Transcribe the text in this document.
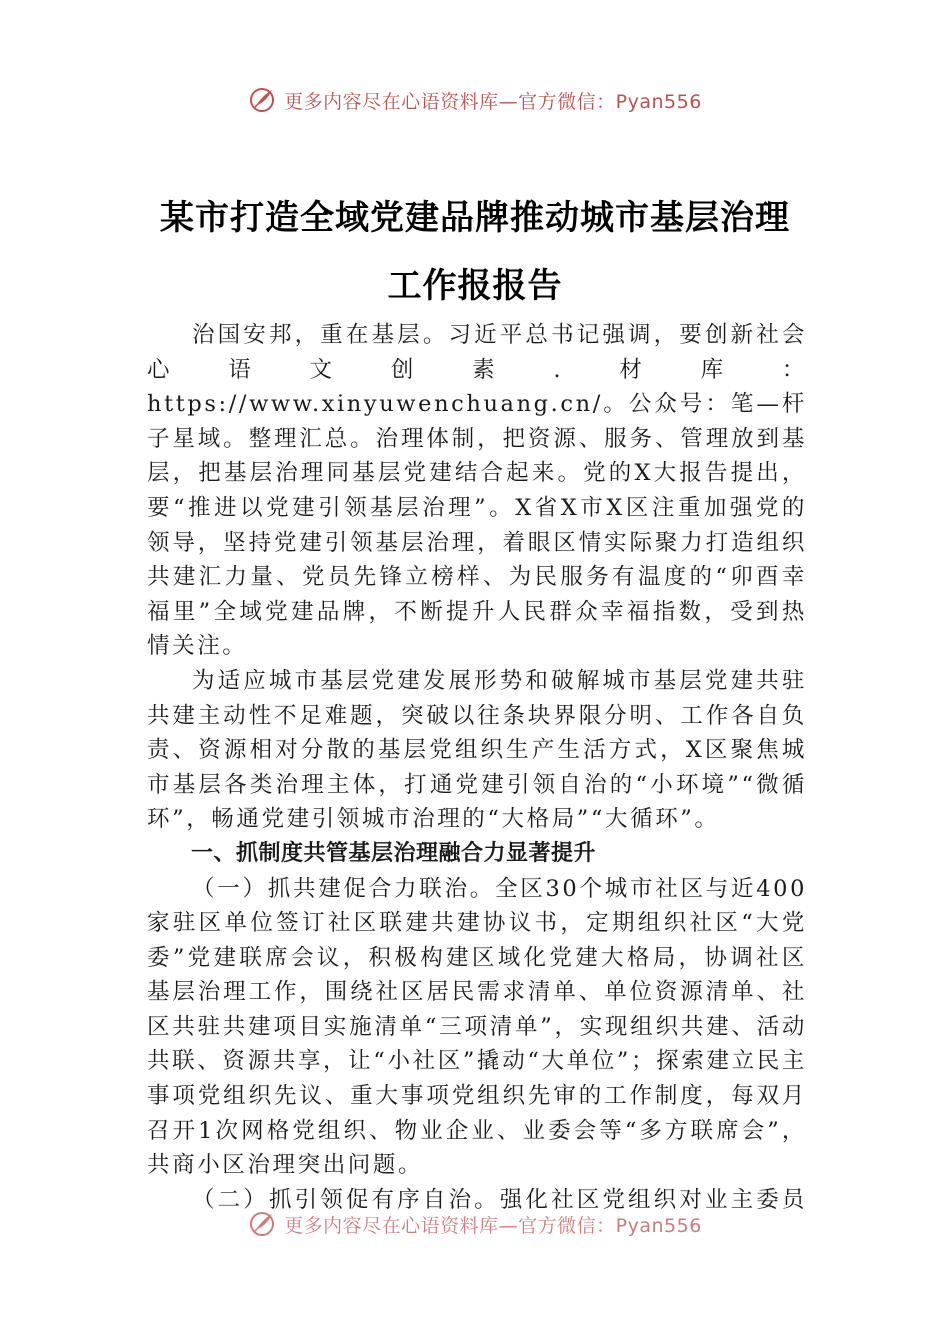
更多内容尽在心语资料库—官方微信：Pyan556
某市打造全域党建品牌推动城市基层治理
工作报报告

治国安邦，重在基层。习近平总书记强调，要创新社会心语文创素.材库：https://www.xinyuwenchuang.cn/。公众号：笔—杆子星域。整理汇总。治理体制，把资源、服务、管理放到基层，把基层治理同基层党建结合起来。党的X大报告提出，要“推进以党建引领基层治理”。X省X市X区注重加强党的领导，坚持党建引领基层治理，着眼区情实际聚力打造组织共建汇力量、党员先锋立榜样、为民服务有温度的“卯酉幸福里”全域党建品牌，不断提升人民群众幸福指数，受到热情关注。

为适应城市基层党建发展形势和破解城市基层党建共驻共建主动性不足难题，突破以往条块界限分明、工作各自负责、资源相对分散的基层党组织生产生活方式，X区聚焦城市基层各类治理主体，打通党建引领自治的“小环境”“微循环”，畅通党建引领城市治理的“大格局”“大循环”。

一、抓制度共管基层治理融合力显著提升

（一）抓共建促合力联治。全区30个城市社区与近400家驻区单位签订社区联建共建协议书，定期组织社区“大党委”党建联席会议，积极构建区域化党建大格局，协调社区基层治理工作，围绕社区居民需求清单、单位资源清单、社区共驻共建项目实施清单“三项清单”，实现组织共建、活动共联、资源共享，让“小社区”撬动“大单位”；探索建立民主事项党组织先议、重大事项党组织先审的工作制度，每双月召开1次网格党组织、物业企业、业委会等“多方联席会”，共商小区治理突出问题。

（二）抓引领促有序自治。强化社区党组织对业主委员

更多内容尽在心语资料库—官方微信：Pyan556
